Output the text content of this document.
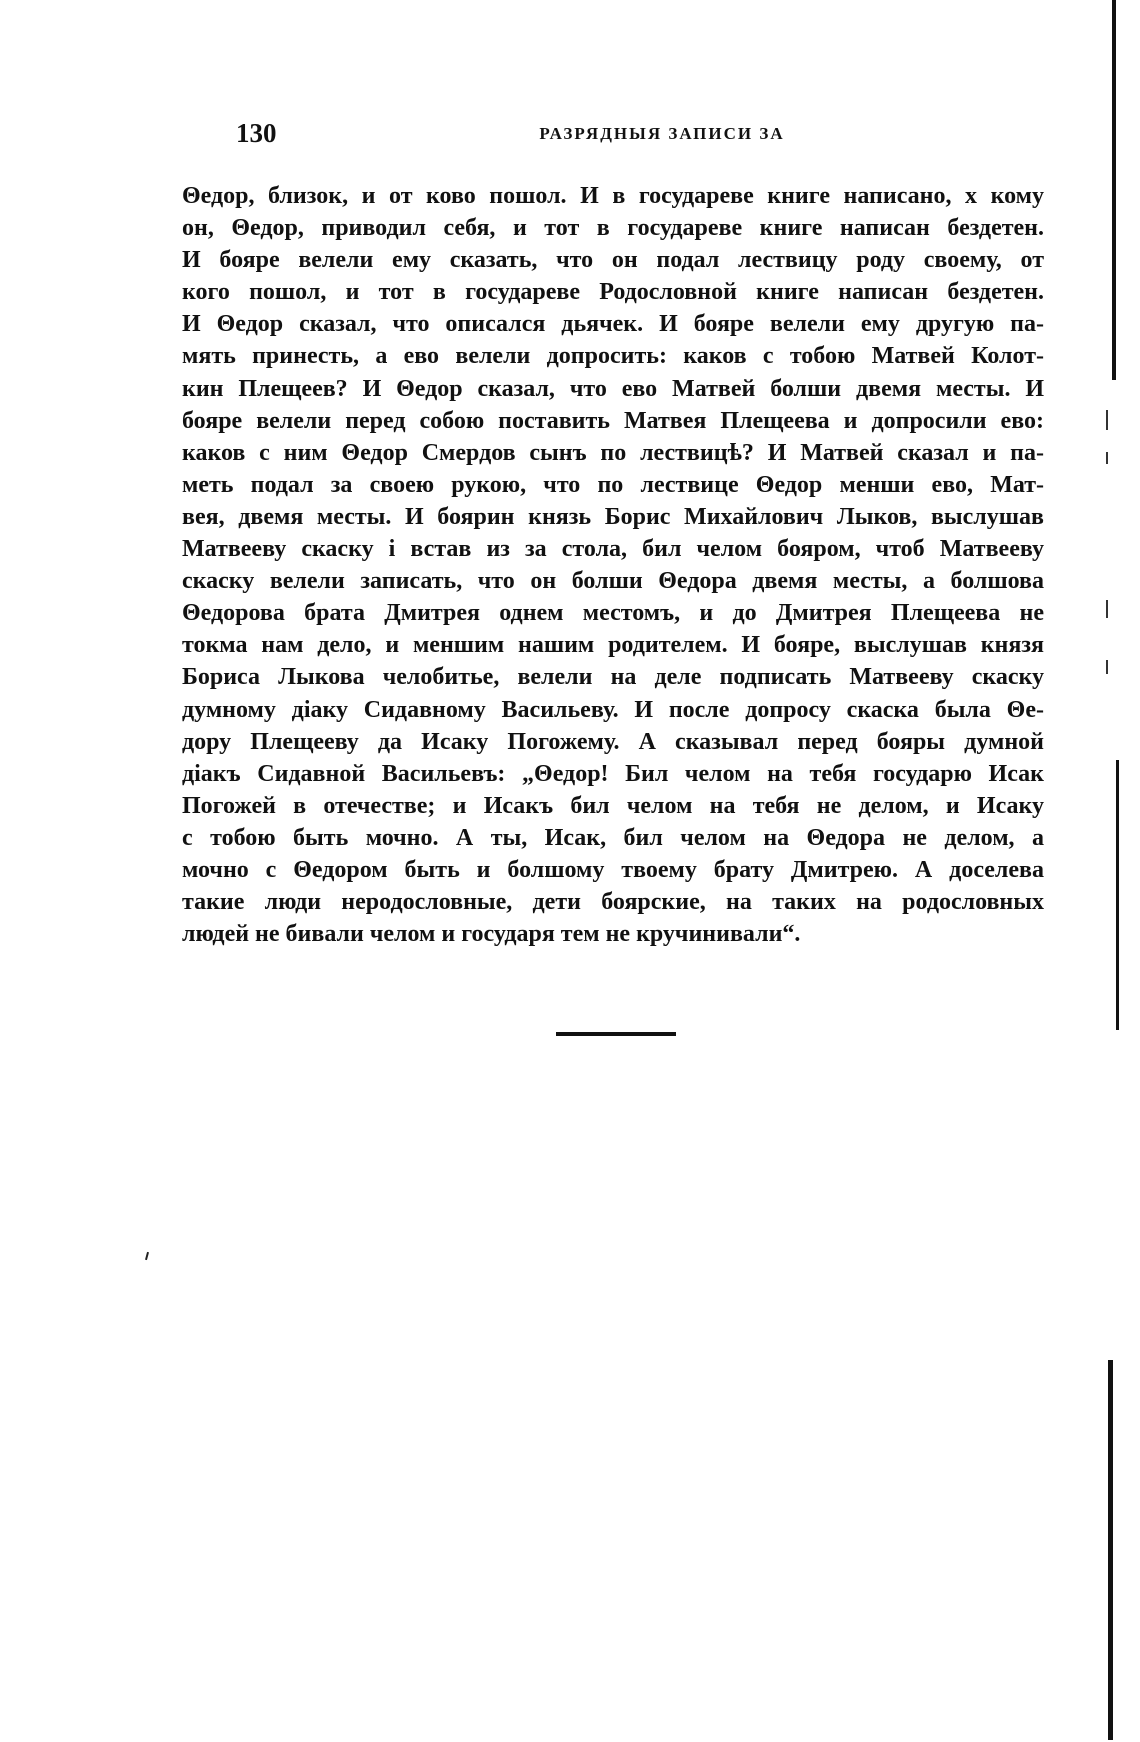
130	РАЗРЯДНЫЯ ЗАПИСИ ЗА
Θедор, близок, и от ково пошол. И в государеве книге написано, х кому
он, Θедор, приводил себя, и тот в государеве книге написан бездетен.
И бояре велели ему сказать, что он подал лествицу роду своему, от
кого пошол, и тот в государеве Родословной книге написан бездетен.
И Θедор сказал, что описался дьячек. И бояре велели ему другую па-
мять принесть, а ево велели допросить: каков с тобою Матвей Колот-
кин Плещеев? И Θедор сказал, что ево Матвей болши двемя месты. И
бояре велели перед собою поставить Матвея Плещеева и допросили ево:
каков с ним Θедор Смердов сынъ по лествицѣ? И Матвей сказал и па-
меть подал за своею рукою, что по лествице Θедор менши ево, Мат-
вея, двемя месты. И боярин князь Борис Михайлович Лыков, выслушав
Матвееву скаску і встав из за стола, бил челом бояром, чтоб Матвееву
скаску велели записать, что он болши Θедора двемя месты, а болшова
Θедорова брата Дмитрея однем местомъ, и до Дмитрея Плещеева не
токма нам дело, и меншим нашим родителем. И бояре, выслушав князя
Бориса Лыкова челобитье, велели на деле подписать Матвееву скаску
думному діаку Сидавному Васильеву. И после допросу скаска была Θе-
дору Плещееву да Исаку Погожему. А сказывал перед бояры думной
діакъ Сидавной Васильевъ: „Θедор! Бил челом на тебя государю Исак
Погожей в отечестве; и Исакъ бил челом на тебя не делом, и Исаку
с тобою быть мочно. А ты, Исак, бил челом на Θедора не делом, а
мочно с Θедором быть и болшому твоему брату Дмитрею. А доселева
такие люди неродословные, дети боярские, на таких на родословных
людей не бивали челом и государя тем не кручинивали“.
